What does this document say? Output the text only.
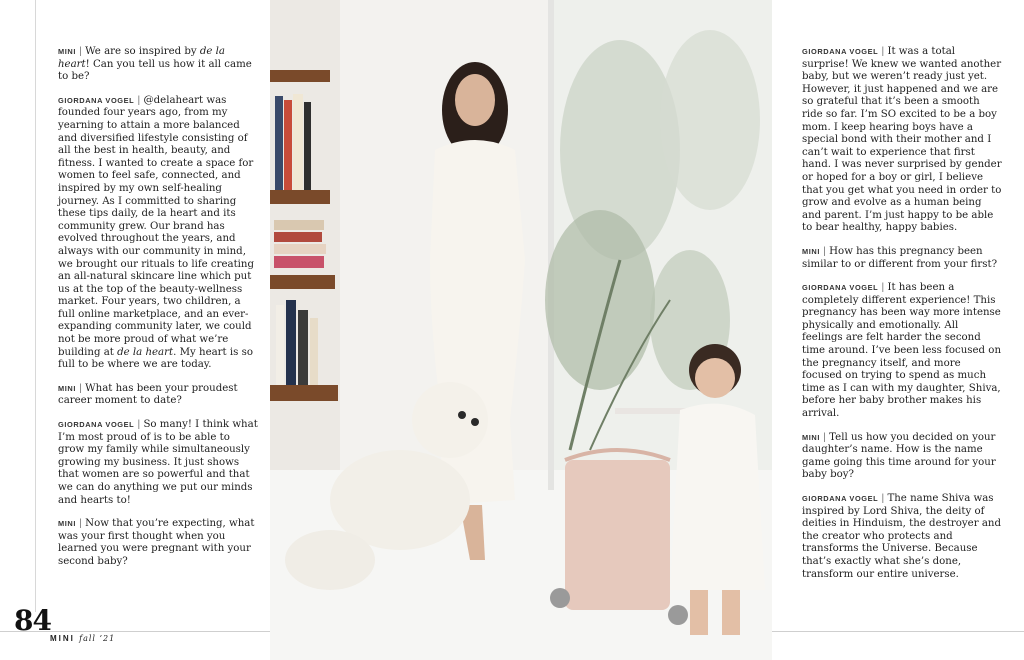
MINI | We are so inspired by de la heart! Can you tell us how it all came to be?

GIORDANA VOGEL | @delaheart was founded four years ago, from my yearning to attain a more balanced and diversified lifestyle consisting of all the best in health, beauty, and fitness. I wanted to create a space for women to feel safe, connected, and inspired by my own self-healing journey. As I committed to sharing these tips daily, de la heart and its community grew. Our brand has evolved throughout the years, and always with our community in mind, we brought our rituals to life creating an all-natural skincare line which put us at the top of the beauty-wellness market. Four years, two children, a full online marketplace, and an ever-expanding community later, we could not be more proud of what we’re building at de la heart. My heart is so full to be where we are today.

MINI | What has been your proudest career moment to date?

GIORDANA VOGEL | So many! I think what I’m most proud of is to be able to grow my family while simultaneously growing my business. It just shows that women are so powerful and that we can do anything we put our minds and hearts to!

MINI | Now that you’re expecting, what was your first thought when you learned you were pregnant with your second baby?

84
MINI fall ’21

GIORDANA VOGEL | It was a total surprise! We knew we wanted another baby, but we weren’t ready just yet. However, it just happened and we are so grateful that it’s been a smooth ride so far. I’m SO excited to be a boy mom. I keep hearing boys have a special bond with their mother and I can’t wait to experience that first hand. I was never surprised by gender or hoped for a boy or girl, I believe that you get what you need in order to grow and evolve as a human being and parent. I’m just happy to be able to bear healthy, happy babies.

MINI | How has this pregnancy been similar to or different from your first?

GIORDANA VOGEL | It has been a completely different experience! This pregnancy has been way more intense physically and emotionally. All feelings are felt harder the second time around. I’ve been less focused on the pregnancy itself, and more focused on trying to spend as much time as I can with my daughter, Shiva, before her baby brother makes his arrival.

MINI | Tell us how you decided on your daughter’s name. How is the name game going this time around for your baby boy?

GIORDANA VOGEL | The name Shiva was inspired by Lord Shiva, the deity of deities in Hinduism, the destroyer and the creator who protects and transforms the Universe. Because that’s exactly what she’s done, transform our entire universe.
